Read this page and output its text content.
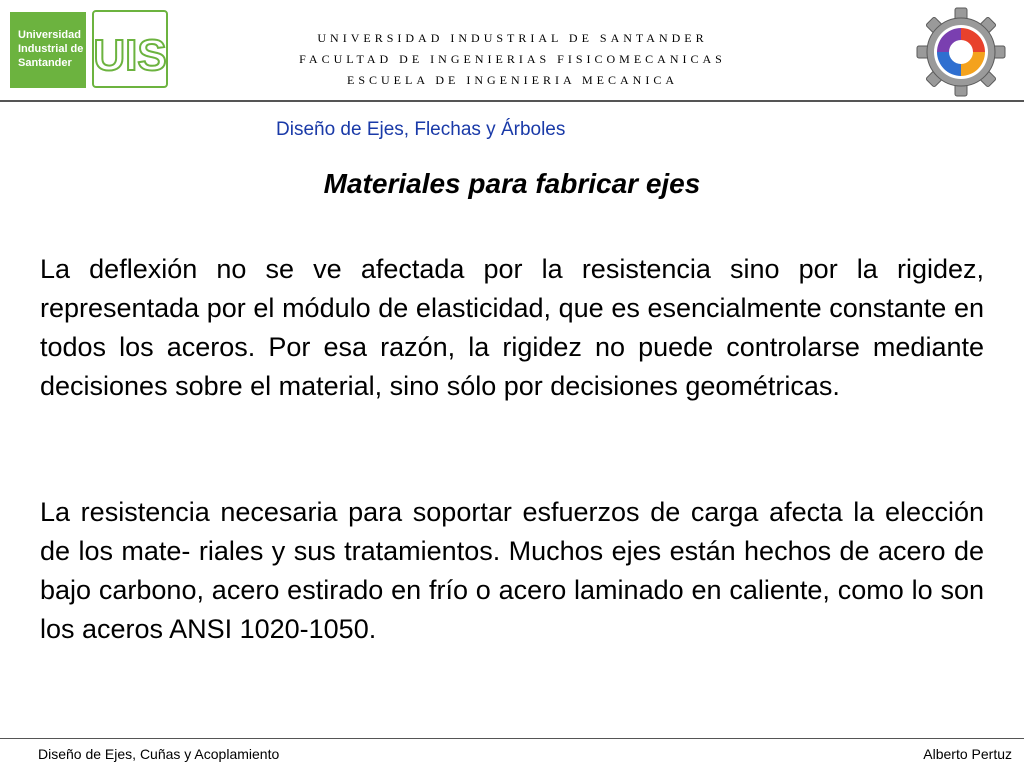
Universidad
Industrial de
Santander UIS	UNIVERSIDAD INDUSTRIAL DE SANTANDER
FACULTAD DE INGENIERIAS FISICOMECANICAS
ESCUELA DE INGENIERIA MECANICA
Diseño de Ejes, Flechas y Árboles
Materiales para fabricar ejes
La deflexión no se ve afectada por la resistencia sino por la rigidez, representada por el módulo de elasticidad, que es esencialmente constante en todos los aceros. Por esa razón, la rigidez no puede controlarse mediante decisiones sobre el material, sino sólo por decisiones geométricas.
La resistencia necesaria para soportar esfuerzos de carga afecta la elección de los mate- riales y sus tratamientos. Muchos ejes están hechos de acero de bajo carbono, acero estirado en frío o acero laminado en caliente, como lo son los aceros ANSI 1020-1050.
Diseño de Ejes, Cuñas y Acoplamiento	Alberto Pertuz
